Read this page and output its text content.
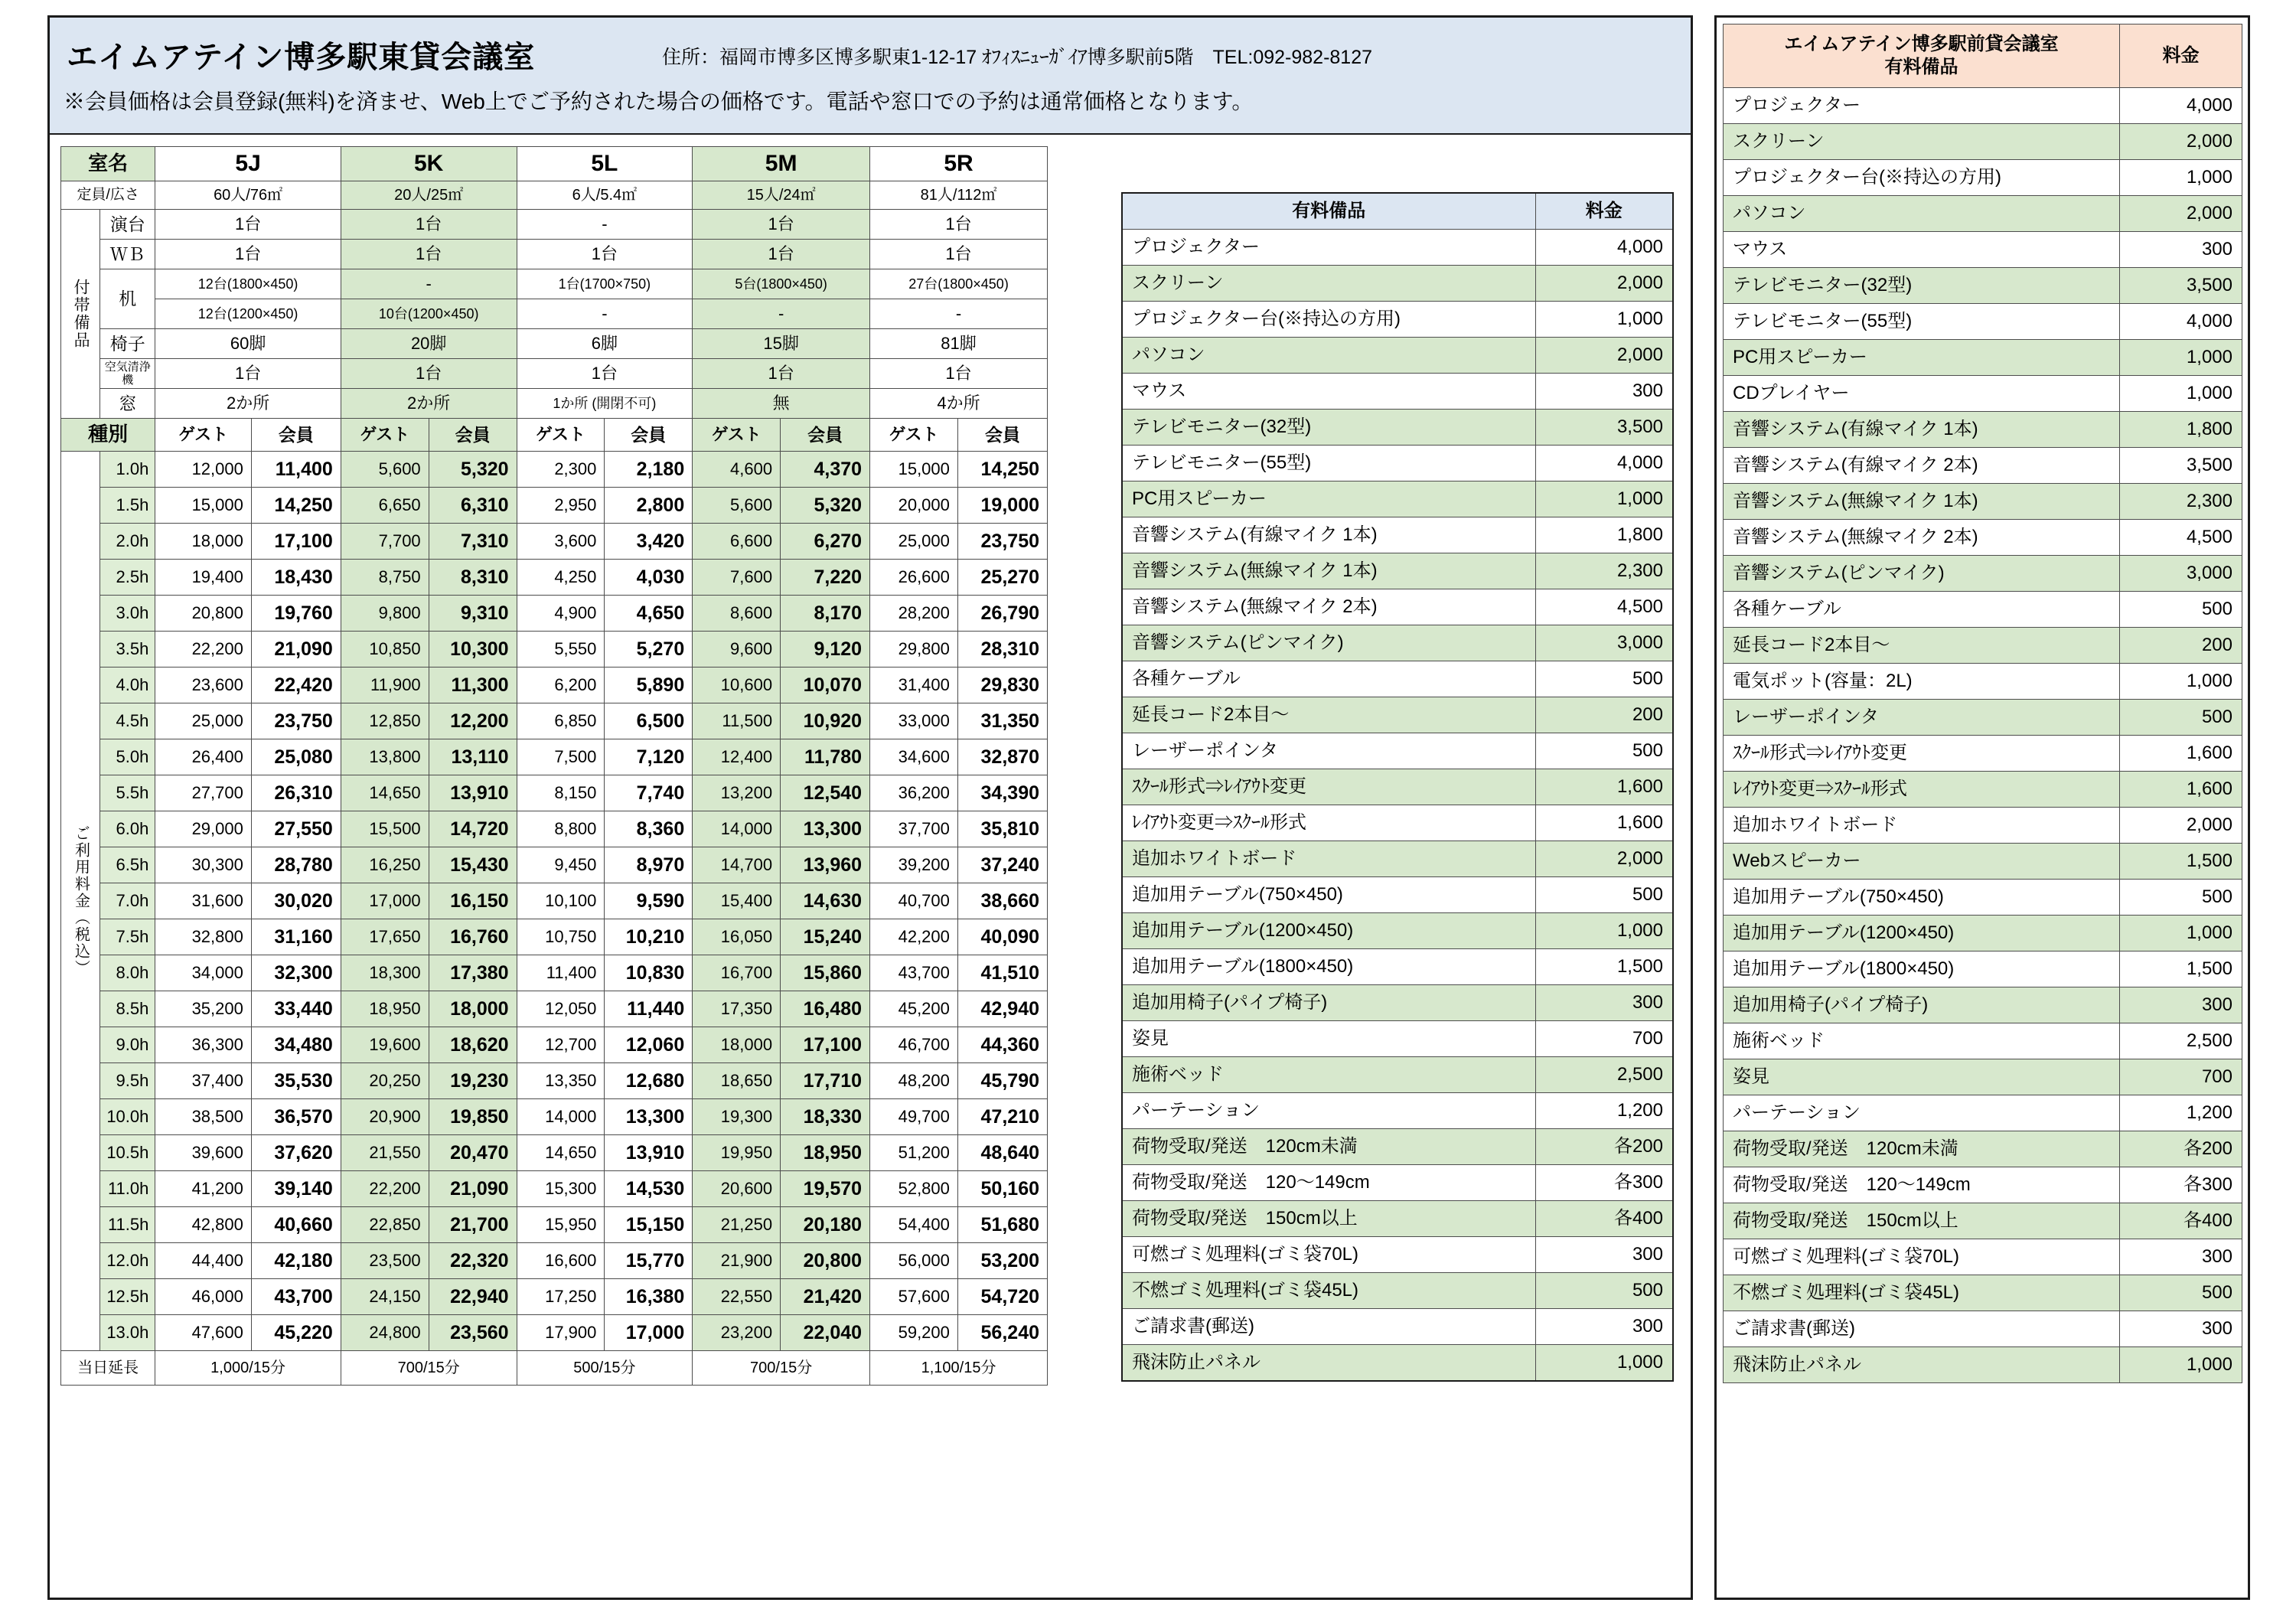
エイムアテイン博多駅東貸会議室	住所：福岡市博多区博多駅東1-12-17 ｵﾌｨｽﾆｭｰｶﾞｲｱ博多駅前5階　TEL:092-982-8127
※会員価格は会員登録(無料)を済ませ、Web上でご予約された場合の価格です。電話や窓口での予約は通常価格となります。
室名		5J		5K		5L		5M		5R	
定員/広さ		60人/76㎡		20人/25㎡		6人/5.4㎡		15人/24㎡		81人/112㎡	
付帯備品	演台	1台		1台		-		1台		1台	
	ＷＢ	1台		1台		1台		1台		1台	
	机	12台(1800×450)		-		1台(1700×750)		5台(1800×450)		27台(1800×450)	
		12台(1200×450)		10台(1200×450)		-		-		-	
	椅子	60脚		20脚		6脚		15脚		81脚	
	空気清浄機	1台		1台		1台		1台		1台	
	窓	2か所		2か所		1か所 (開閉不可)		無		4か所	
種別		ゲスト	会員	ゲスト	会員	ゲスト	会員	ゲスト	会員	ゲスト	会員
ご利用料金（税込）	1.0h	12,000	11,400	5,600	5,320	2,300	2,180	4,600	4,370	15,000	14,250
	1.5h	15,000	14,250	6,650	6,310	2,950	2,800	5,600	5,320	20,000	19,000
	2.0h	18,000	17,100	7,700	7,310	3,600	3,420	6,600	6,270	25,000	23,750
	2.5h	19,400	18,430	8,750	8,310	4,250	4,030	7,600	7,220	26,600	25,270
	3.0h	20,800	19,760	9,800	9,310	4,900	4,650	8,600	8,170	28,200	26,790
	3.5h	22,200	21,090	10,850	10,300	5,550	5,270	9,600	9,120	29,800	28,310
	4.0h	23,600	22,420	11,900	11,300	6,200	5,890	10,600	10,070	31,400	29,830
	4.5h	25,000	23,750	12,850	12,200	6,850	6,500	11,500	10,920	33,000	31,350
	5.0h	26,400	25,080	13,800	13,110	7,500	7,120	12,400	11,780	34,600	32,870
	5.5h	27,700	26,310	14,650	13,910	8,150	7,740	13,200	12,540	36,200	34,390
	6.0h	29,000	27,550	15,500	14,720	8,800	8,360	14,000	13,300	37,700	35,810
	6.5h	30,300	28,780	16,250	15,430	9,450	8,970	14,700	13,960	39,200	37,240
	7.0h	31,600	30,020	17,000	16,150	10,100	9,590	15,400	14,630	40,700	38,660
	7.5h	32,800	31,160	17,650	16,760	10,750	10,210	16,050	15,240	42,200	40,090
	8.0h	34,000	32,300	18,300	17,380	11,400	10,830	16,700	15,860	43,700	41,510
	8.5h	35,200	33,440	18,950	18,000	12,050	11,440	17,350	16,480	45,200	42,940
	9.0h	36,300	34,480	19,600	18,620	12,700	12,060	18,000	17,100	46,700	44,360
	9.5h	37,400	35,530	20,250	19,230	13,350	12,680	18,650	17,710	48,200	45,790
	10.0h	38,500	36,570	20,900	19,850	14,000	13,300	19,300	18,330	49,700	47,210
	10.5h	39,600	37,620	21,550	20,470	14,650	13,910	19,950	18,950	51,200	48,640
	11.0h	41,200	39,140	22,200	21,090	15,300	14,530	20,600	19,570	52,800	50,160
	11.5h	42,800	40,660	22,850	21,700	15,950	15,150	21,250	20,180	54,400	51,680
	12.0h	44,400	42,180	23,500	22,320	16,600	15,770	21,900	20,800	56,000	53,200
	12.5h	46,000	43,700	24,150	22,940	17,250	16,380	22,550	21,420	57,600	54,720
	13.0h	47,600	45,220	24,800	23,560	17,900	17,000	23,200	22,040	59,200	56,240
当日延長		1,000/15分		700/15分		500/15分		700/15分		1,100/15分	
有料備品	料金
プロジェクター	4,000
スクリーン	2,000
プロジェクター台(※持込の方用)	1,000
パソコン	2,000
マウス	300
テレビモニター(32型)	3,500
テレビモニター(55型)	4,000
PC用スピーカー	1,000
音響システム(有線マイク 1本)	1,800
音響システム(無線マイク 1本)	2,300
音響システム(無線マイク 2本)	4,500
音響システム(ピンマイク)	3,000
各種ケーブル	500
延長コード2本目～	200
レーザーポインタ	500
ｽｸｰﾙ形式⇒ﾚｲｱｳﾄ変更	1,600
ﾚｲｱｳﾄ変更⇒ｽｸｰﾙ形式	1,600
追加ホワイトボード	2,000
追加用テーブル(750×450)	500
追加用テーブル(1200×450)	1,000
追加用テーブル(1800×450)	1,500
追加用椅子(パイプ椅子)	300
姿見	700
施術ベッド	2,500
パーテーション	1,200
荷物受取/発送　120cm未満	各200
荷物受取/発送　120～149cm	各300
荷物受取/発送　150cm以上	各400
可燃ゴミ処理料(ゴミ袋70L)	300
不燃ゴミ処理料(ゴミ袋45L)	500
ご請求書(郵送)	300
飛沫防止パネル	1,000
エイムアテイン博多駅前貸会議室
有料備品	料金
プロジェクター	4,000
スクリーン	2,000
プロジェクター台(※持込の方用)	1,000
パソコン	2,000
マウス	300
テレビモニター(32型)	3,500
テレビモニター(55型)	4,000
PC用スピーカー	1,000
CDプレイヤー	1,000
音響システム(有線マイク 1本)	1,800
音響システム(有線マイク 2本)	3,500
音響システム(無線マイク 1本)	2,300
音響システム(無線マイク 2本)	4,500
音響システム(ピンマイク)	3,000
各種ケーブル	500
延長コード2本目～	200
電気ポット(容量：2L)	1,000
レーザーポインタ	500
ｽｸｰﾙ形式⇒ﾚｲｱｳﾄ変更	1,600
ﾚｲｱｳﾄ変更⇒ｽｸｰﾙ形式	1,600
追加ホワイトボード	2,000
Webスピーカー	1,500
追加用テーブル(750×450)	500
追加用テーブル(1200×450)	1,000
追加用テーブル(1800×450)	1,500
追加用椅子(パイプ椅子)	300
施術ベッド	2,500
姿見	700
パーテーション	1,200
荷物受取/発送　120cm未満	各200
荷物受取/発送　120～149cm	各300
荷物受取/発送　150cm以上	各400
可燃ゴミ処理料(ゴミ袋70L)	300
不燃ゴミ処理料(ゴミ袋45L)	500
ご請求書(郵送)	300
飛沫防止パネル	1,000
